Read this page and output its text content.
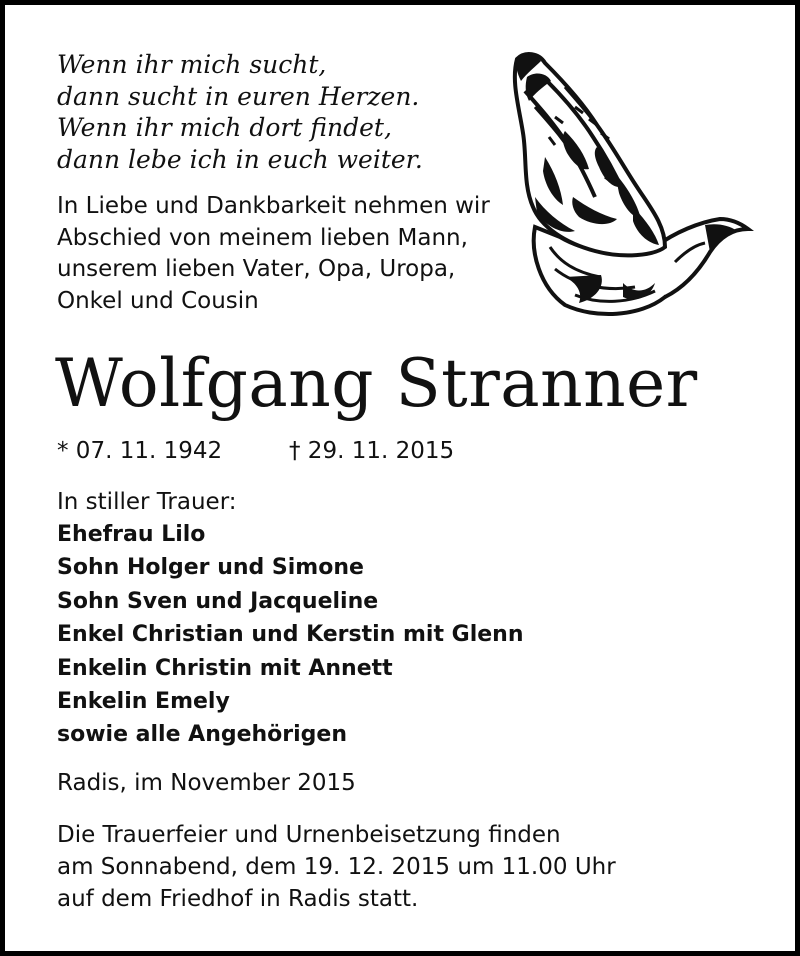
Wenn ihr mich sucht,
dann sucht in euren Herzen.
Wenn ihr mich dort findet,
dann lebe ich in euch weiter.
In Liebe und Dankbarkeit nehmen wir
Abschied von meinem lieben Mann,
unserem lieben Vater, Opa, Uropa,
Onkel und Cousin
Wolfgang Stranner
* 07. 11. 1942	† 29. 11. 2015
In stiller Trauer:
Ehefrau Lilo
Sohn Holger und Simone
Sohn Sven und Jacqueline
Enkel Christian und Kerstin mit Glenn
Enkelin Christin mit Annett
Enkelin Emely
sowie alle Angehörigen
Radis, im November 2015
Die Trauerfeier und Urnenbeisetzung finden
am Sonnabend, dem 19. 12. 2015 um 11.00 Uhr
auf dem Friedhof in Radis statt.
